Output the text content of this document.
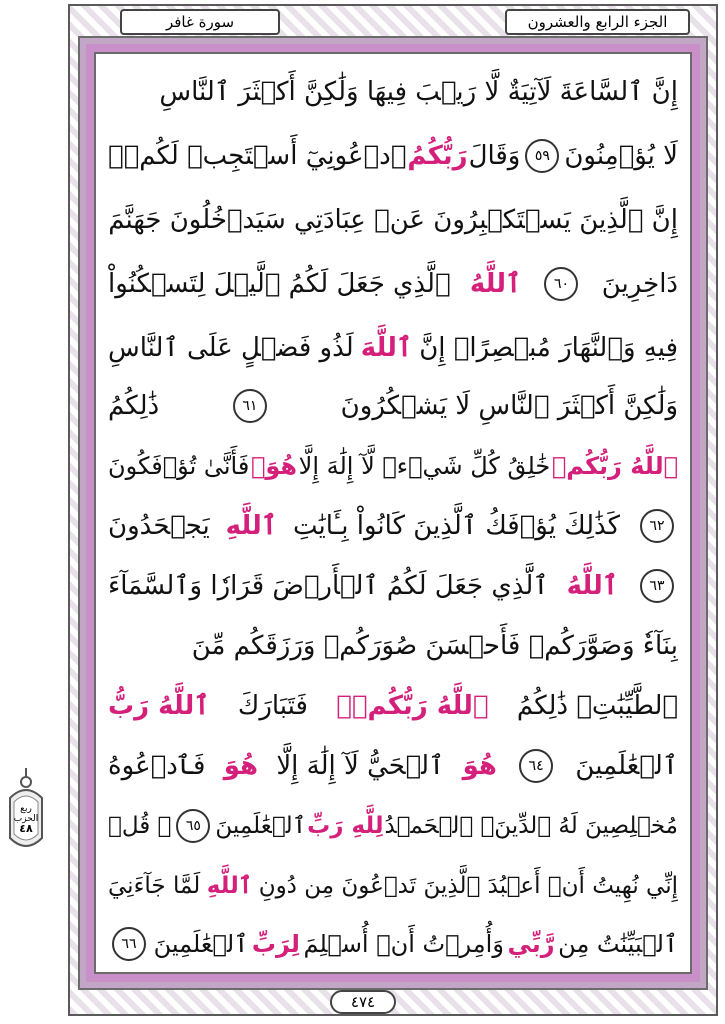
سورة غافر	الجزء الرابع والعشرون
ربع
الحزب
٤٨
إِنَّ ٱلسَّاعَةَ لَآتِيَةٌ لَّا رَيۡبَ فِيهَا وَلَٰكِنَّ أَكۡثَرَ ٱلنَّاسِ
لَا يُؤۡمِنُونَ
٥٩
وَقَالَ
رَبُّكُمُ
ٱدۡعُونِيٓ أَسۡتَجِبۡ لَكُمۡۚ
إِنَّ ٱلَّذِينَ يَسۡتَكۡبِرُونَ عَنۡ عِبَادَتِي سَيَدۡخُلُونَ جَهَنَّمَ
دَاخِرِينَ
٦٠
ٱللَّهُ
ٱلَّذِي جَعَلَ لَكُمُ ٱلَّيۡلَ لِتَسۡكُنُواْ
فِيهِ وَٱلنَّهَارَ مُبۡصِرًاۚ إِنَّ
ٱللَّهَ
لَذُو فَضۡلٍ عَلَى ٱلنَّاسِ
وَلَٰكِنَّ أَكۡثَرَ ٱلنَّاسِ لَا يَشۡكُرُونَ
٦١
ذَٰلِكُمُ
ٱللَّهُ رَبُّكُمۡ
خَٰلِقُ كُلِّ شَيۡءٖ لَّآ إِلَٰهَ إِلَّا
هُوَۖ
فَأَنَّىٰ تُؤۡفَكُونَ
٦٢
كَذَٰلِكَ يُؤۡفَكُ ٱلَّذِينَ كَانُواْ بِـَٔايَٰتِ
ٱللَّهِ
يَجۡحَدُونَ
٦٣
ٱللَّهُ
ٱلَّذِي جَعَلَ لَكُمُ ٱلۡأَرۡضَ قَرَارٗا وَٱلسَّمَآءَ
بِنَآءٗ وَصَوَّرَكُمۡ فَأَحۡسَنَ صُوَرَكُمۡ وَرَزَقَكُم مِّنَ
ٱلطَّيِّبَٰتِۚ ذَٰلِكُمُ
ٱللَّهُ رَبُّكُمۡۖ
فَتَبَارَكَ
ٱللَّهُ رَبُّ
ٱلۡعَٰلَمِينَ
٦٤
هُوَ
ٱلۡحَيُّ لَآ إِلَٰهَ إِلَّا
هُوَ
فَٱدۡعُوهُ
مُخۡلِصِينَ لَهُ ٱلدِّينَۗ ٱلۡحَمۡدُ
لِلَّهِ رَبِّ
ٱلۡعَٰلَمِينَ
٦٥
۞ قُلۡ
إِنِّي نُهِيتُ أَنۡ أَعۡبُدَ ٱلَّذِينَ تَدۡعُونَ مِن دُونِ
ٱللَّهِ
لَمَّا جَآءَنِيَ
ٱلۡبَيِّنَٰتُ مِن
رَّبِّي
وَأُمِرۡتُ أَنۡ أُسۡلِمَ
لِرَبِّ
ٱلۡعَٰلَمِينَ
٦٦
٤٧٤
